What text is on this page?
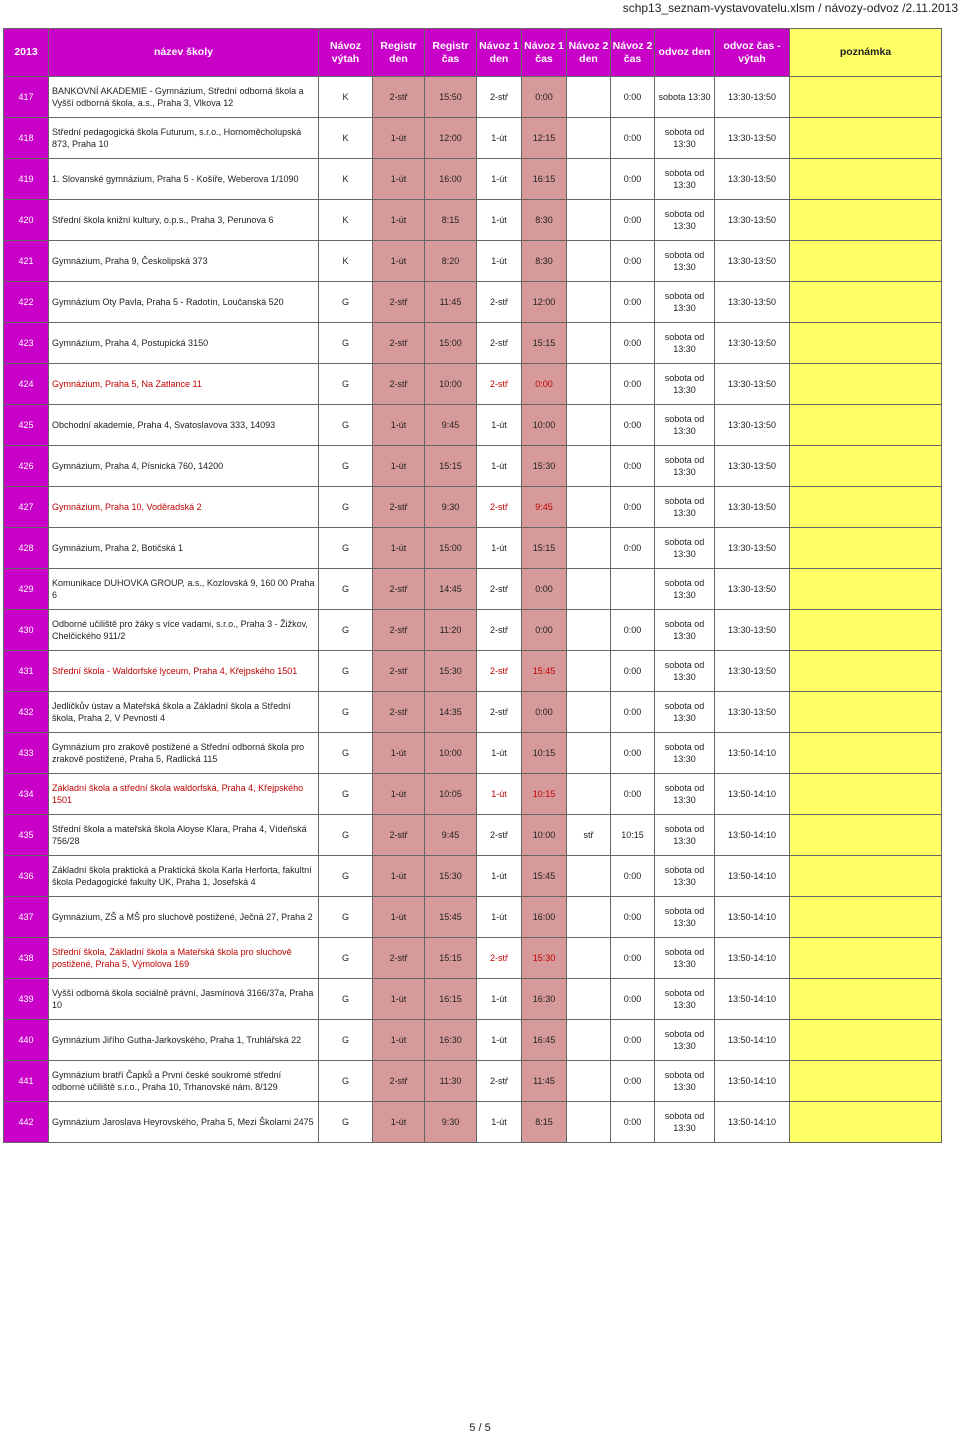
schp13_seznam-vystavovatelu.xlsm / návozy-odvoz /2.11.2013
2013	název školy	Návoz výtah	Registr den	Registr čas	Návoz 1 den	Návoz 1 čas	Návoz 2 den	Návoz 2 čas	odvoz den	odvoz čas - výtah	poznámka
417	BANKOVNÍ AKADEMIE - Gymnázium, Střední odborná škola a Vyšší odborná škola, a.s., Praha 3, Vlkova 12	K	2-stř	15:50	2-stř	0:00		0:00	sobota 13:30	13:30-13:50	
418	Střední pedagogická škola Futurum, s.r.o., Hornoměcholupská 873, Praha 10	K	1-út	12:00	1-út	12:15		0:00	sobota od 13:30	13:30-13:50	
419	1. Slovanské gymnázium, Praha 5 - Košíře, Weberova 1/1090	K	1-út	16:00	1-út	16:15		0:00	sobota od 13:30	13:30-13:50	
420	Střední škola knižní kultury, o.p.s., Praha 3, Perunova 6	K	1-út	8:15	1-út	8:30		0:00	sobota od 13:30	13:30-13:50	
421	Gymnázium, Praha 9, Českolipská 373	K	1-út	8:20	1-út	8:30		0:00	sobota od 13:30	13:30-13:50	
422	Gymnázium Oty Pavla, Praha 5 - Radotín, Loučanská 520	G	2-stř	11:45	2-stř	12:00		0:00	sobota od 13:30	13:30-13:50	
423	Gymnázium, Praha 4, Postupická 3150	G	2-stř	15:00	2-stř	15:15		0:00	sobota od 13:30	13:30-13:50	
424	Gymnázium, Praha 5, Na Zatlance 11	G	2-stř	10:00	2-stř	0:00		0:00	sobota od 13:30	13:30-13:50	
425	Obchodní akademie, Praha 4, Svatoslavova 333, 14093	G	1-út	9:45	1-út	10:00		0:00	sobota od 13:30	13:30-13:50	
426	Gymnázium, Praha 4, Písnická 760, 14200	G	1-út	15:15	1-út	15:30		0:00	sobota od 13:30	13:30-13:50	
427	Gymnázium, Praha 10, Voděradská 2	G	2-stř	9:30	2-stř	9:45		0:00	sobota od 13:30	13:30-13:50	
428	Gymnázium, Praha 2, Botičská 1	G	1-út	15:00	1-út	15:15		0:00	sobota od 13:30	13:30-13:50	
429	Komunikace DUHOVKA GROUP, a.s., Kozlovská 9, 160 00 Praha 6	G	2-stř	14:45	2-stř	0:00			sobota od 13:30	13:30-13:50	
430	Odborné učiliště pro žáky s více vadami, s.r.o., Praha 3 - Žižkov, Chelčického 911/2	G	2-stř	11:20	2-stř	0:00		0:00	sobota od 13:30	13:30-13:50	
431	Střední škola - Waldorfské lyceum, Praha 4, Křejpského 1501	G	2-stř	15:30	2-stř	15:45		0:00	sobota od 13:30	13:30-13:50	
432	Jedličkův ústav a Mateřská škola a Základní škola a Střední škola, Praha 2, V Pevnosti 4	G	2-stř	14:35	2-stř	0:00		0:00	sobota od 13:30	13:30-13:50	
433	Gymnázium pro zrakově postižené a Střední odborná škola pro zrakově postižené, Praha 5, Radlická 115	G	1-út	10:00	1-út	10:15		0:00	sobota od 13:30	13:50-14:10	
434	Základní škola a střední škola waldorfská, Praha 4, Křejpského 1501	G	1-út	10:05	1-út	10:15		0:00	sobota od 13:30	13:50-14:10	
435	Střední škola a mateřská škola Aloyse Klara, Praha 4, Vídeňská 756/28	G	2-stř	9:45	2-stř	10:00	stř	10:15	sobota od 13:30	13:50-14:10	
436	Základní škola praktická a Praktická škola Karla Herforta, fakultní škola Pedagogické fakulty UK, Praha 1, Josefská 4	G	1-út	15:30	1-út	15:45		0:00	sobota od 13:30	13:50-14:10	
437	Gymnázium, ZŠ a MŠ pro sluchově postižené, Ječná 27, Praha 2	G	1-út	15:45	1-út	16:00		0:00	sobota od 13:30	13:50-14:10	
438	Střední škola, Základní škola a Mateřská škola pro sluchově postižené, Praha 5, Výmolova 169	G	2-stř	15:15	2-stř	15:30		0:00	sobota od 13:30	13:50-14:10	
439	Vyšší odborná škola sociálně právní, Jasmínová 3166/37a, Praha 10	G	1-út	16:15	1-út	16:30		0:00	sobota od 13:30	13:50-14:10	
440	Gymnázium Jiřího Gutha-Jarkovského, Praha 1, Truhlářská 22	G	1-út	16:30	1-út	16:45		0:00	sobota od 13:30	13:50-14:10	
441	Gymnázium bratří Čapků a První české soukromé střední odborné učiliště s.r.o., Praha 10, Trhanovské nám. 8/129	G	2-stř	11:30	2-stř	11:45		0:00	sobota od 13:30	13:50-14:10	
442	Gymnázium Jaroslava Heyrovského, Praha 5, Mezi Školami 2475	G	1-út	9:30	1-út	8:15		0:00	sobota od 13:30	13:50-14:10	
5 / 5
